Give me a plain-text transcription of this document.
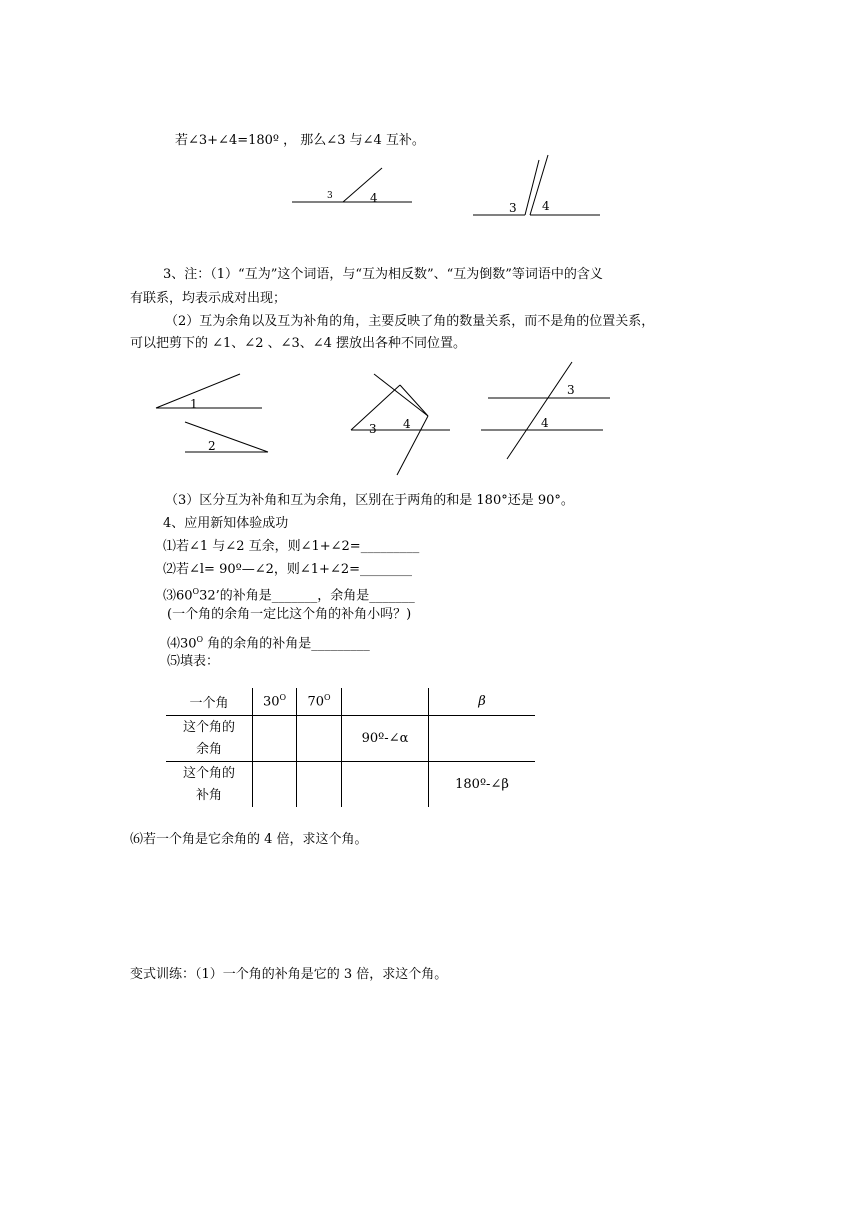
若∠3+∠4=180º ， 那么∠3 与∠4 互补。
3	4
3 4
3、注：（1）“互为”这个词语，与“互为相反数”、“互为倒数”等词语中的含义
有联系，均表示成对出现；
（2）互为余角以及互为补角的角，主要反映了角的数量关系，而不是角的位置关系，
可以把剪下的 ∠1、∠2 、∠3、∠4 摆放出各种不同位置。
1
2
3 4
3
4
（3）区分互为补角和互为余角，区别在于两角的和是 180°还是 90°。
4、应用新知体验成功
⑴若∠1 与∠2 互余，则∠1+∠2=_________
⑵若∠l= 90º—∠2，则∠1+∠2=________
$⑶60^O32$’的补角是_______，余角是_______
(一个角的余角一定比这个角的补角小吗？)
$⑷30^O$ 角的余角的补角是_________
⑸填表：
一个角	$30^O$	$70^O$		β
这个角的
余角			90º-∠α	
这个角的
补角				180º-∠β
⑹若一个角是它余角的 4 倍，求这个角。
变式训练：（1）一个角的补角是它的 3 倍，求这个角。
